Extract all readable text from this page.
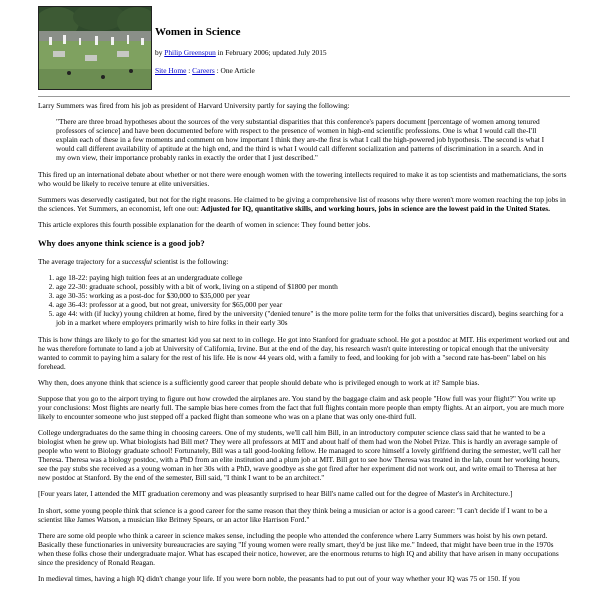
Women in Science
by Philip Greenspun in February 2006; updated July 2015
Site Home : Careers : One Article

Larry Summers was fired from his job as president of Harvard University partly for saying the following:

"There are three broad hypotheses about the sources of the very substantial disparities that this conference's papers document [percentage of women among tenured professors of science] and have been documented before with respect to the presence of women in high-end scientific professions. One is what I would call the-I'll explain each of these in a few moments and comment on how important I think they are-the first is what I call the high-powered job hypothesis. The second is what I would call different availability of aptitude at the high end, and the third is what I would call different socialization and patterns of discrimination in a search. And in my own view, their importance probably ranks in exactly the order that I just described."

This fired up an international debate about whether or not there were enough women with the towering intellects required to make it as top scientists and mathematicians, the sorts who would be likely to receive tenure at elite universities.

Summers was deservedly castigated, but not for the right reasons. He claimed to be giving a comprehensive list of reasons why there weren't more women reaching the top jobs in the sciences. Yet Summers, an economist, left one out: Adjusted for IQ, quantitative skills, and working hours, jobs in science are the lowest paid in the United States.

This article explores this fourth possible explanation for the dearth of women in science: They found better jobs.

Why does anyone think science is a good job?

The average trajectory for a successful scientist is the following:

1. age 18-22: paying high tuition fees at an undergraduate college
2. age 22-30: graduate school, possibly with a bit of work, living on a stipend of $1800 per month
3. age 30-35: working as a post-doc for $30,000 to $35,000 per year
4. age 36-43: professor at a good, but not great, university for $65,000 per year
5. age 44: with (if lucky) young children at home, fired by the university ("denied tenure" is the more polite term for the folks that universities discard), begins searching for a job in a market where employers primarily wish to hire folks in their early 30s

This is how things are likely to go for the smartest kid you sat next to in college. He got into Stanford for graduate school. He got a postdoc at MIT. His experiment worked out and he was therefore fortunate to land a job at University of California, Irvine. But at the end of the day, his research wasn't quite interesting or topical enough that the university wanted to commit to paying him a salary for the rest of his life. He is now 44 years old, with a family to feed, and looking for job with a "second rate has-been" label on his forehead.

Why then, does anyone think that science is a sufficiently good career that people should debate who is privileged enough to work at it? Sample bias.

Suppose that you go to the airport trying to figure out how crowded the airplanes are. You stand by the baggage claim and ask people "How full was your flight?" You write up your conclusions: Most flights are nearly full. The sample bias here comes from the fact that full flights contain more people than empty flights. At an airport, you are much more likely to encounter someone who just stepped off a packed flight than someone who was on a plane that was only one-third full.

College undergraduates do the same thing in choosing careers. One of my students, we'll call him Bill, in an introductory computer science class said that he wanted to be a biologist when he grew up. What biologists had Bill met? They were all professors at MIT and about half of them had won the Nobel Prize. This is hardly an average sample of people who went to Biology graduate school! Fortunately, Bill was a tall good-looking fellow. He managed to score himself a lovely girlfriend during the semester, we'll call her Theresa. Theresa was a biology postdoc, with a PhD from an elite institution and a plum job at MIT. Bill got to see how Theresa was treated in the lab, count her working hours, see the pay stubs she received as a young woman in her 30s with a PhD, wave goodbye as she got fired after her experiment did not work out, and write email to Theresa at her new postdoc at Stanford. By the end of the semester, Bill said, "I think I want to be an architect."

[Four years later, I attended the MIT graduation ceremony and was pleasantly surprised to hear Bill's name called out for the degree of Master's in Architecture.]

In short, some young people think that science is a good career for the same reason that they think being a musician or actor is a good career: "I can't decide if I want to be a scientist like James Watson, a musician like Britney Spears, or an actor like Harrison Ford."

There are some old people who think a career in science makes sense, including the people who attended the conference where Larry Summers was hoist by his own petard. Basically these functionaries in university bureaucracies are saying "If young women were really smart, they'd be just like me." Indeed, that might have been true in the 1970s when these folks chose their undergraduate major. What has escaped their notice, however, are the enormous returns to high IQ and ability that have arisen in many occupations since the presidency of Ronald Reagan.

In medieval times, having a high IQ didn't change your life. If you were born noble, the peasants had to put out of your way whether your IQ was 75 or 150. If you
